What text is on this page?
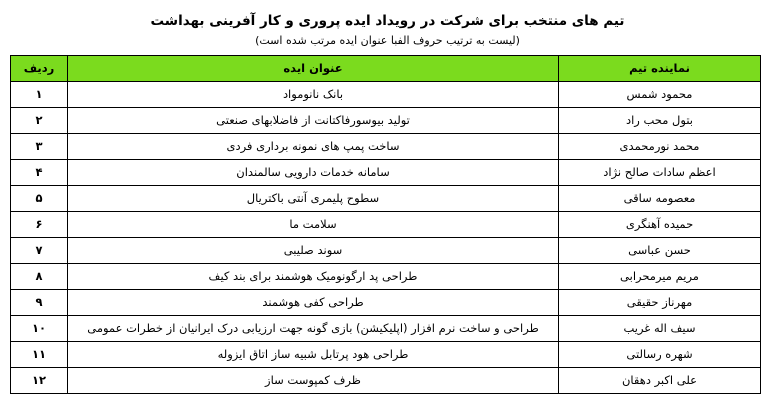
تیم های منتخب برای شرکت در رویداد ایده پروری و کار آفرینی بهداشت
(لیست به ترتیب حروف الفبا عنوان ایده مرتب شده است)
نماینده تیم	عنوان ایده	ردیف
محمود شمس	بانک نانومواد	۱
بتول محب راد	تولید بیوسورفاکتانت از فاضلابهای صنعتی	۲
محمد نورمحمدی	ساخت پمپ های نمونه برداری فردی	۳
اعظم سادات صالح نژاد	سامانه خدمات دارویی سالمندان	۴
معصومه ساقی	سطوح پلیمری آنتی باکتریال	۵
حمیده آهنگری	سلامت ما	۶
حسن عباسی	سوند صلیبی	۷
مریم میرمحرابی	طراحی پد ارگونومیک هوشمند برای بند کیف	۸
مهرناز حقیقی	طراحی کفی هوشمند	۹
سیف اله غریب	طراحی و ساخت نرم افزار (اپلیکیشن) بازی گونه جهت ارزیابی درک ایرانیان از خطرات عمومی	۱۰
شهره رسالتی	طراحی هود پرتابل شبیه ساز اتاق ایزوله	۱۱
علی اکبر دهقان	ظرف کمپوست ساز	۱۲
